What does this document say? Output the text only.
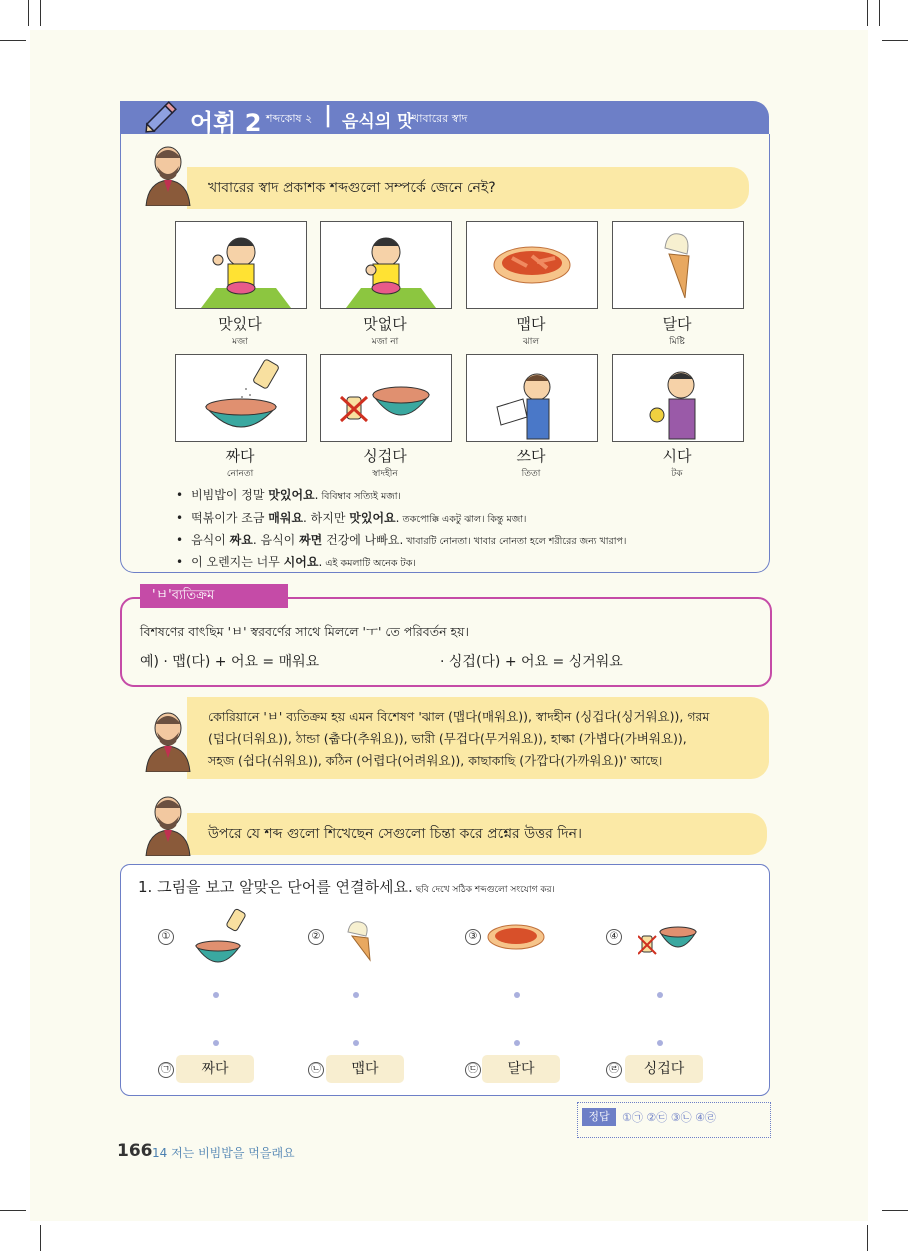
어휘 2 শব্দকোষ ২ | 음식의 맛
খাবারের স্বাদ
খাবারের স্বাদ প্রকাশক শব্দগুলো সম্পর্কে জেনে নেই?
맛있다
মজা
맛없다
মজা না
맵다
ঝাল
달다
মিষ্টি
짜다
নোনতা
싱겁다
স্বাদহীন
쓰다
তিতা
시다
টক
• 비빔밥이 정말 맛있어요. বিবিম্বাব সত্যিই মজা।
• 떡볶이가 조금 매워요. 하지만 맛있어요. তকপোক্কি একটু ঝাল। কিন্তু মজা।
• 음식이 짜요. 음식이 짜면 건강에 나빠요. খাবারটি নোনতা। খাবার নোনতা হলে শরীরের জন্য খারাপ।
• 이 오렌지는 너무 시어요. এই কমলাটি অনেক টক।
'ㅂ'ব্যতিক্রম
বিশষণের বাৎছিম 'ㅂ' স্বরবর্ণের সাথে মিললে 'ㅜ' তে পরিবর্তন হয়।
예) · 맵(다) + 어요 = 매워요	· 싱겁(다) + 어요 = 싱거워요
কোরিয়ানে 'ㅂ' ব্যতিক্রম হয় এমন বিশেষণ 'ঝাল (맵다(매워요)), স্বাদহীন (싱겁다(싱거워요)), গরম
(덥다(더워요)), ঠান্ডা (춥다(추워요)), ভারী (무겁다(무거워요)), হাল্কা (가볍다(가벼워요)),
সহজ (쉽다(쉬워요)), কঠিন (어렵다(어려워요)), কাছাকাছি (가깝다(가까워요))' আছে।
উপরে যে শব্দ গুলো শিখেছেন সেগুলো চিন্তা করে প্রশ্নের উত্তর দিন।
1. 그림을 보고 알맞은 단어를 연결하세요. ছবি দেখে সঠিক শব্দগুলো সংযোগ কর।
①	②	③	④
㉠	㉡	㉢	㉣
짜다	맵다	달다	싱겁다
정답	①㉠ ②㉢ ③㉡ ④㉣
166 14 저는 비빔밥을 먹을래요
